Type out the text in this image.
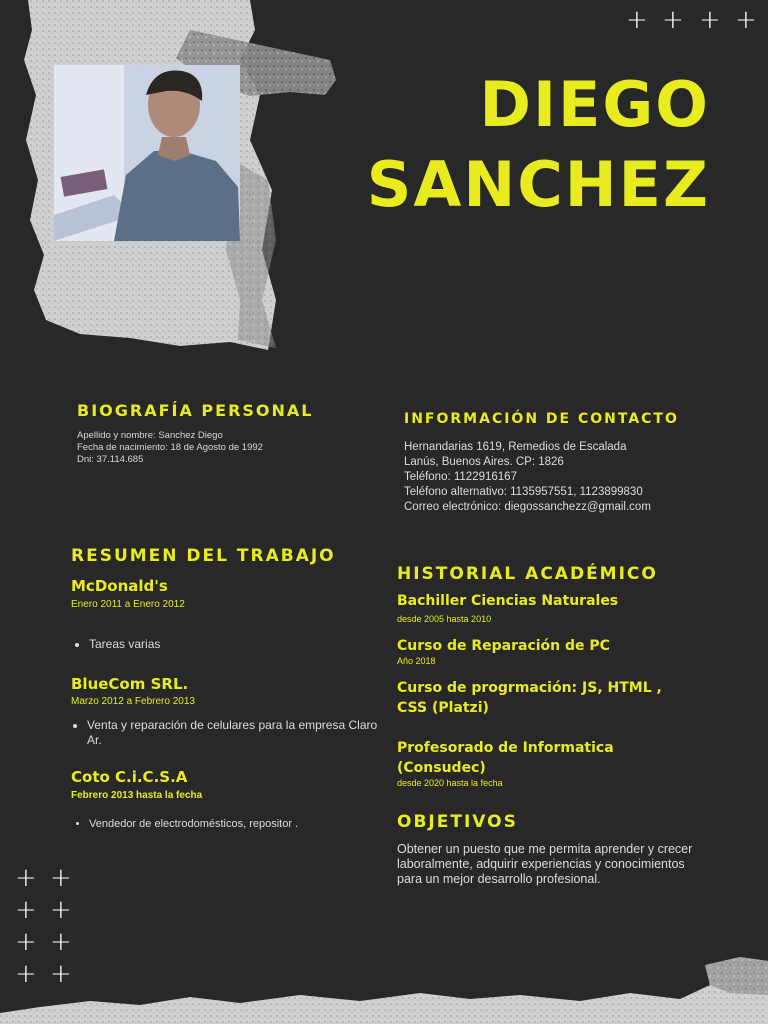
+ + + +
+ +
+ +
+ +
+ +
DIEGO
SANCHEZ
BIOGRAFÍA PERSONAL
Apellido y nombre: Sanchez Diego
Fecha de nacimiento: 18 de Agosto de 1992
Dni: 37.114.685
INFORMACIÓN DE CONTACTO
Hernandarias 1619, Remedios de Escalada
Lanús, Buenos Aires. CP: 1826
Teléfono: 1122916167
Teléfono alternativo: 1135957551, 1123899830
Correo electrónico: diegossanchezz@gmail.com
RESUMEN DEL TRABAJO
McDonald's
Enero 2011 a Enero 2012
• Tareas varias
BlueCom SRL.
Marzo 2012 a Febrero 2013
• Venta y reparación de celulares para la empresa Claro Ar.
Coto C.i.C.S.A
Febrero 2013 hasta la fecha
• Vendedor de electrodomésticos, repositor .
HISTORIAL ACADÉMICO
Bachiller Ciencias Naturales
desde 2005 hasta 2010
Curso de Reparación de PC
Año 2018
Curso de progrmación: JS, HTML , CSS (Platzi)
Profesorado de Informatica (Consudec)
desde 2020 hasta la fecha
OBJETIVOS
Obtener un puesto que me permita aprender y crecer laboralmente, adquirir experiencias y conocimientos para un mejor desarrollo profesional.
